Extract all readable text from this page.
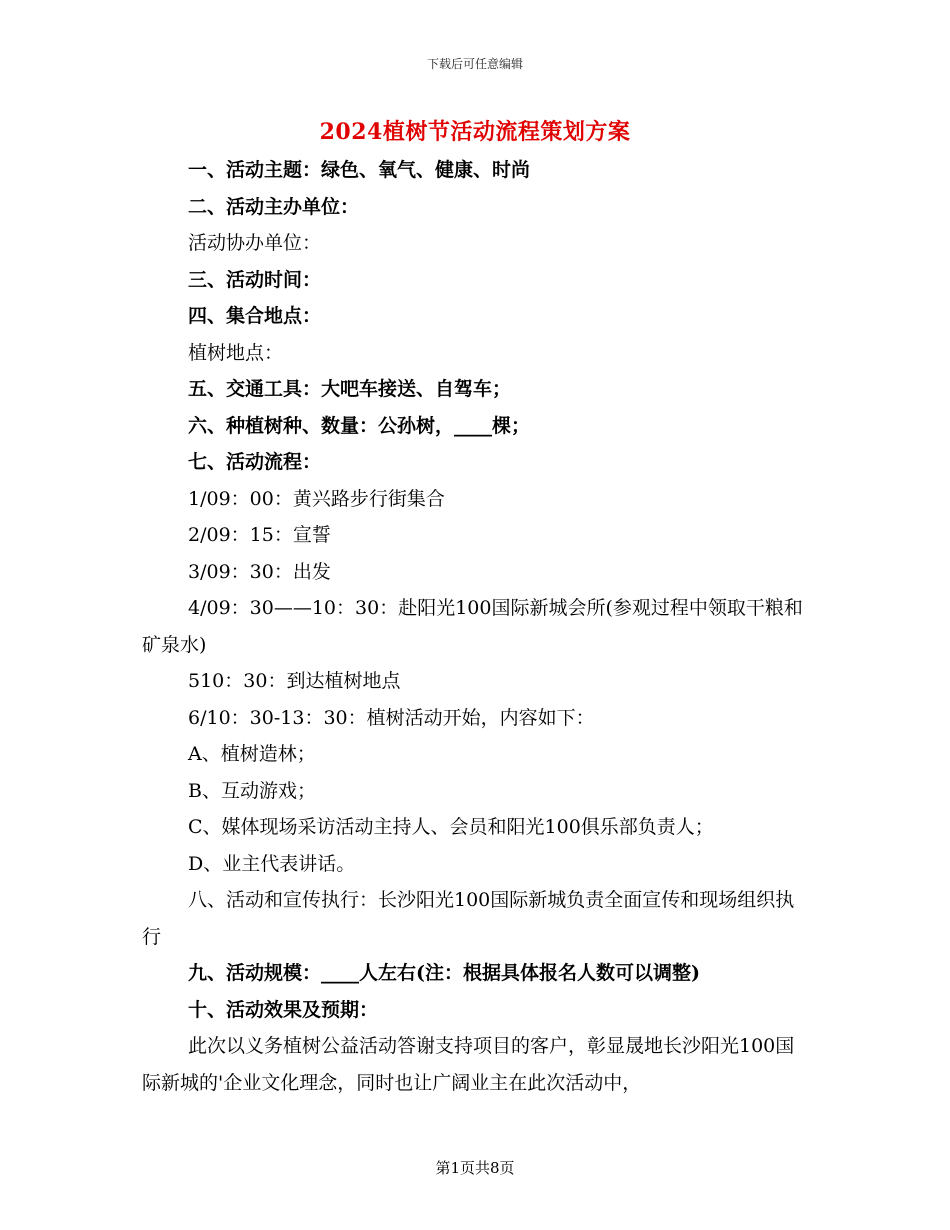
下载后可任意编辑
2024植树节活动流程策划方案

一、活动主题：绿色、氧气、健康、时尚

二、活动主办单位：

活动协办单位：

三、活动时间：

四、集合地点：

植树地点：

五、交通工具：大吧车接送、自驾车；

六、种植树种、数量：公孙树，____棵；

七、活动流程：

1/09：00：黄兴路步行街集合

2/09：15：宣誓

3/09：30：出发

4/09：30——10：30：赴阳光100国际新城会所(参观过程中领取干粮和矿泉水)

510：30：到达植树地点

6/10：30-13：30：植树活动开始，内容如下：

A、植树造林；

B、互动游戏；

C、媒体现场采访活动主持人、会员和阳光100俱乐部负责人；

D、业主代表讲话。

八、活动和宣传执行：长沙阳光100国际新城负责全面宣传和现场组织执行

九、活动规模：____人左右(注：根据具体报名人数可以调整)

十、活动效果及预期：

此次以义务植树公益活动答谢支持项目的客户，彰显晟地长沙阳光100国际新城的'企业文化理念，同时也让广阔业主在此次活动中，

第1页共8页
